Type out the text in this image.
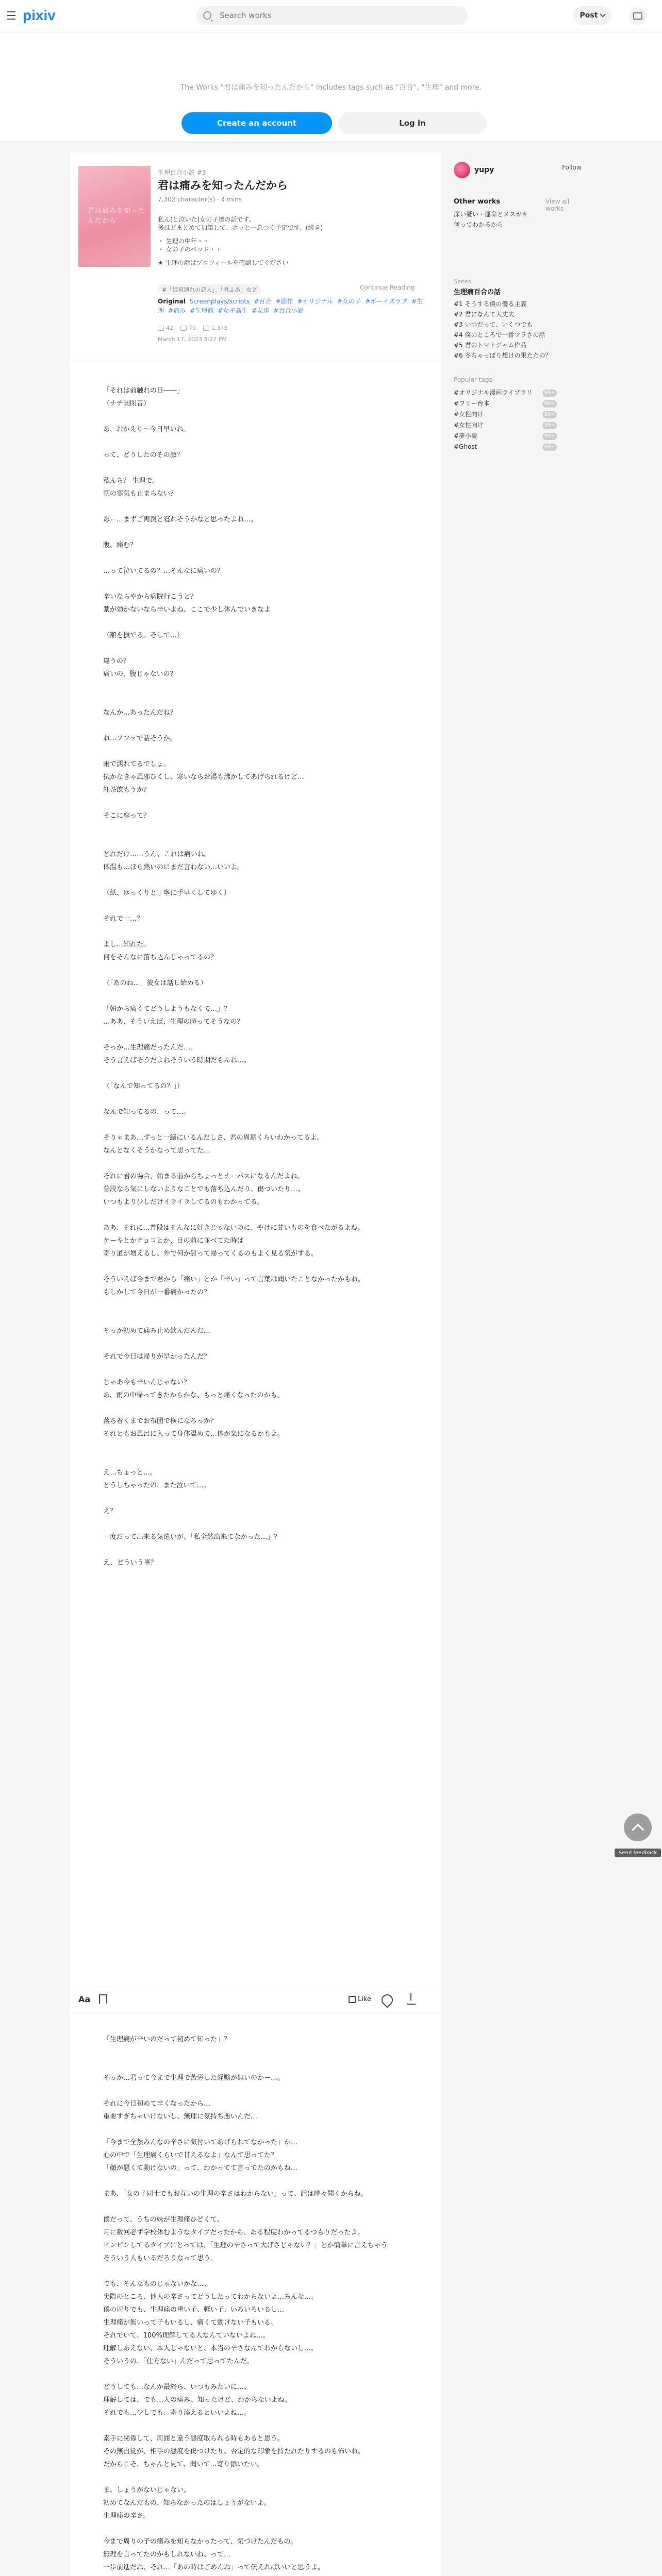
pixiv
Search works	Post
The Works "君は痛みを知ったんだから" includes tags such as "百合", "生理" and more.
Create an account	Log in
君は痛みを知ったんだから
生理百合小説 #3
君は痛みを知ったんだから
7,302 character(s) · 4 mins
私ん(と泣いた)女の子達の話です。
後ほどまとめて加筆して、ホッと一息つく予定です。(続き)
・ 生理の中年・・
・ 女の子のベッド・・
★ 生理の話はプロフィールを確認してください
Continue Reading
#「姫宮連れの恋人」、「君ふあ」など
Original Screenplays/scripts #百合 #創作 #オリジナル #女の子 #ボーイズラブ #生理 #痛み #生理痛 #女子高生 #友達 #百合小説
42	70	1,375
March 17, 2023 8:27 PM
「それは前触れの日――」
（ナチ開閉音）
あ、おかえり～今日早いね。
って、どうしたのその顔？
私んち？ 生理で。
朝の寒気も止まらない？
あー…まずご両親と寝れそうかなと思ったよね…。
腹、痛む？
…って泣いてるの？…そんなに痛いの？
辛いならやから病院行こうと？
薬が効かないなら辛いよね、ここで少し休んでいきなよ
（額を撫でる。そして…）
違うの？
痛いの、腹じゃないの？
なんか…あったんだね？
ね…ソファで話そうか。
雨で濡れてるでしょ。
拭かなきゃ風邪ひくし、寒いならお湯も沸かしてあげられるけど…
紅茶飲もうか？
そこに座って？
どれだけ……うん、これは痛いね。
体温も…ほら熱いのにまだ言わない…いいよ。
（紙、ゆっくりと丁寧に手早くしてゆく）
それで一…？
よし…知れた。
何をそんなに落ち込んじゃってるの？
（「あのね…」彼女は話し始める）
「朝から痛くてどうしようもなくて…」？
…ああ、そういえば、生理の時ってそうなの？
そっか…生理痛だったんだ…。
そう言えばそうだよねそういう時期だもんね…。
（「なんで知ってるの？」）
なんで知ってるの、って…。
そりゃまあ…ずっと一緒にいるんだしさ、君の周期くらいわかってるよ。
なんとなくそうかなって思ってた…
それに君の場合、始まる前からちょっとナーバスになるんだよね。
普段なら気にしないようなことでも落ち込んだり、傷ついたり…。
いつもより少しだけイライラしてるのもわかってる。
ああ、それに…普段はそんなに好きじゃないのに、やけに甘いものを食べたがるよね。
ケーキとかチョコとか、目の前に並べてた時は
寄り道が増えるし、外で何か買って帰ってくるのもよく見る気がする。
そういえば今まで君から「痛い」とか「辛い」って言葉は聞いたことなかったかもね。
もしかして今日が一番痛かったの？
そっか初めて痛み止め飲んだんだ…
それで今日は帰りが早かったんだ？
じゃあ今も辛いんじゃない？
あ、雨の中帰ってきたからかな、もっと痛くなったのかも。
落ち着くまでお布団で横になろっか？
それともお風呂に入って身体温めて…体が楽になるかもよ。
え…ちょっと…。
どうしちゃったの、また泣いて…。
え？
一度だって出来る気遣いが、「私全然出来てなかった…」？
え、どういう事？
Aa	Like
「生理痛が辛いのだって初めて知った」？
そっか…君って今まで生理で苦労した経験が無いのかー…。
それに今日初めて辛くなったから…
重要すぎちゃいけないし、無理に気持ち悪いんだ…
「今まで全然みんなの辛さに気付いてあげられてなかった」か…
心の中で「生理痛くらいで甘えるなよ」なんて思ってた？
「顔が悪くて動けないの」って、わかってて言ってたのかもね…
まあ、「女の子同士でもお互いの生理の辛さはわからない」って、話は時々聞くからね。
僕だって、うちの妹が生理痛ひどくて、
月に数回必ず学校休むようなタイプだったから、ある程度わかってるつもりだったよ。
ピンピンしてるタイプにとっては、「生理の辛さって大げさじゃない？」とか簡単に言えちゃう
そういう人もいるだろうなって思う。
でも、そんなものじゃないかな…。
実際のところ、他人の辛さってどうしたってわからないよ…みんな…。
僕の周りでも、生理痛の重い子、軽い子、いろいろいるし…
生理痛が無いって子もいるし、痛くて動けない子もいる、
それでいて、100%理解してる人なんていないよね…。
理解しあえない、本人じゃないと、本当の辛さなんてわからないし…。
そういうの、「仕方ない」んだって思ってたんだ。
どうしても…なんか最終ら、いつもみたいに…。
理解しては、でも…人の痛み、知ったけど、わからないよね。
それでも…少しでも、寄り添えるといいよね…。
素手に関係して、周囲と違う態度取られる時もあると思う。
その無自覚が、相手の態度を傷つけたり、否定的な印象を持たれたりするのも怖いね。
だからこそ、ちゃんと見て、聞いて…寄り添いたい。
ま、しょうがないじゃない。
初めてなんだもの、知らなかったのはしょうがないよ。
生理痛の辛さ。
今まで周りの子の痛みを知らなかったって、気づけたんだもの。
無理を言ってたのかもしれないね、って…
一歩前進だね、それ…「あの時はごめんね」って伝えればいいと思うよ。
Send feedback
yupy	Follow
Other works	View all works
深い憂い・運命とメスガキ
何ってわかるから
Series
生理痛百合の話
#1 そうする僕の優る主義
#2 君になんて大丈夫
#3 いつだって、いくつでも
#4 僕のところで一番ツラさの話
#5 君のトマトジャム作品
#6 冬ちゃっぱり想けの果たたの？
Popular tags
#オリジナル漫画ライブラリ	99+
#フリー台本	99+
#女性向け	99+
#女性向け	99+
#夢小説	99+
#Ghost	99+
